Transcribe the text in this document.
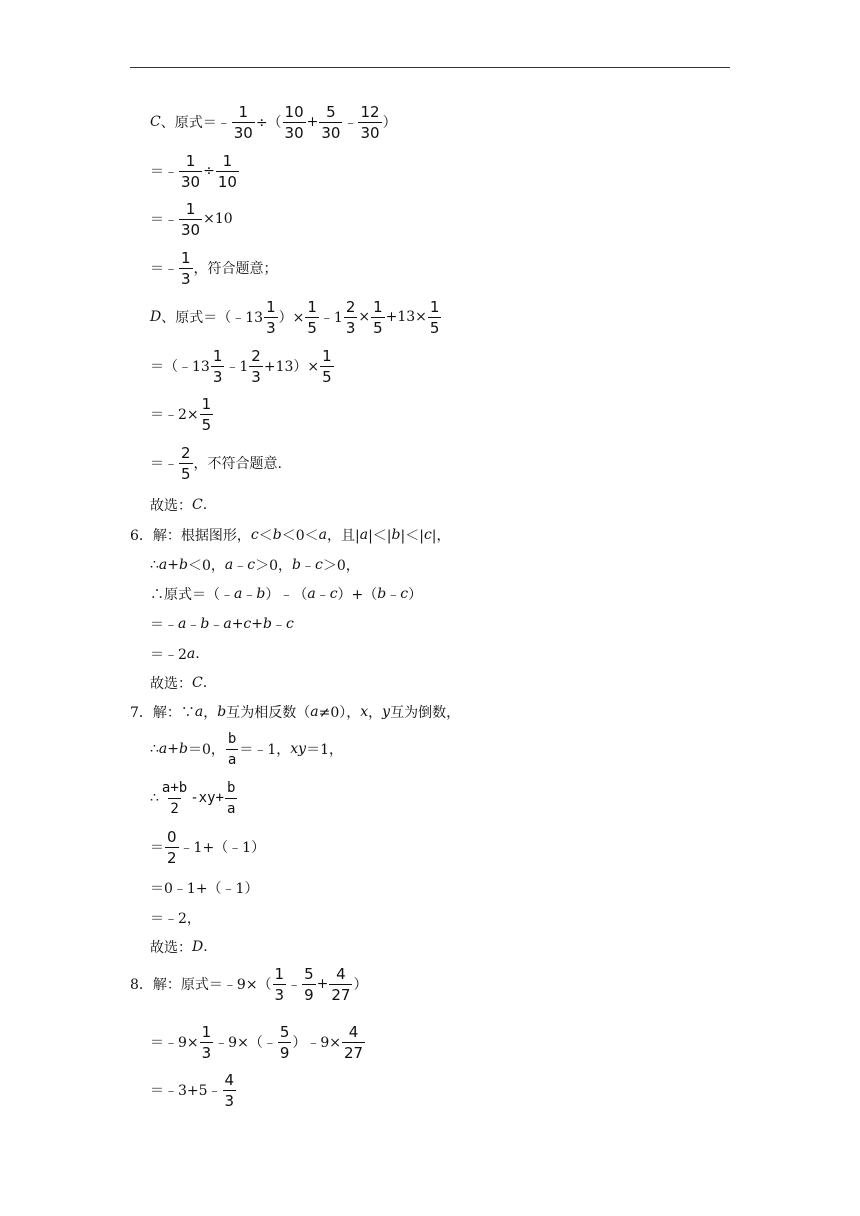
C 、原式＝﹣ $\frac{1}{30}$ ÷（ $\frac{10}{30} + \frac{5}{30}$ ﹣ $\frac{12}{30}$ ）
＝﹣ $\frac{1}{30} \div \frac{1}{10}$
＝﹣ $\frac{1}{30} \times 10$
＝﹣ $\frac{1}{3}$ ，符合题意；
D 、原式＝（﹣13 $\frac{1}{3}$ ）× $\frac{1}{5}$ ﹣1 $\frac{2}{3} \times \frac{1}{5} +13\times \frac{1}{5}$
＝（﹣13 $\frac{1}{3}$ ﹣1 $\frac{2}{3} +13)\times \frac{1}{5}$
＝﹣2× $\frac{1}{5}$
＝﹣ $\frac{2}{5}$ ，不符合题意.
故选： C .
6．解：根据图形， c ＜ b ＜0＜ a ，且| a |＜| b |＜| c |，
∴ a + b ＜0， a ﹣ c ＞0， b ﹣ c ＞0，
∴原式＝（﹣ a ﹣ b ）﹣（ a ﹣ c ）+（ b ﹣ c ）
＝﹣ a ﹣ b ﹣ a + c + b ﹣ c
＝﹣2 a .
故选： C .
7．解：∵ a ， b 互为相反数（ a ≠0）， x ， y 互为倒数，
∴ a + b ＝0， $\frac{b}{a}$ ＝﹣1， xy ＝1，
∴ $\frac{a+b}{2} -xy+ \frac{b}{a}$
＝ $\frac{0}{2}$ ﹣1+（﹣1）
＝0﹣1+（﹣1）
＝﹣2，
故选： D .
8．解：原式＝﹣9×（ $\frac{1}{3}$ ﹣ $\frac{5}{9} + \frac{4}{27}$ ）
＝﹣9× $\frac{1}{3}$ ﹣9×（﹣ $\frac{5}{9}$ ）﹣9× $\frac{4}{27}$
＝﹣3+5﹣ $\frac{4}{3}$
